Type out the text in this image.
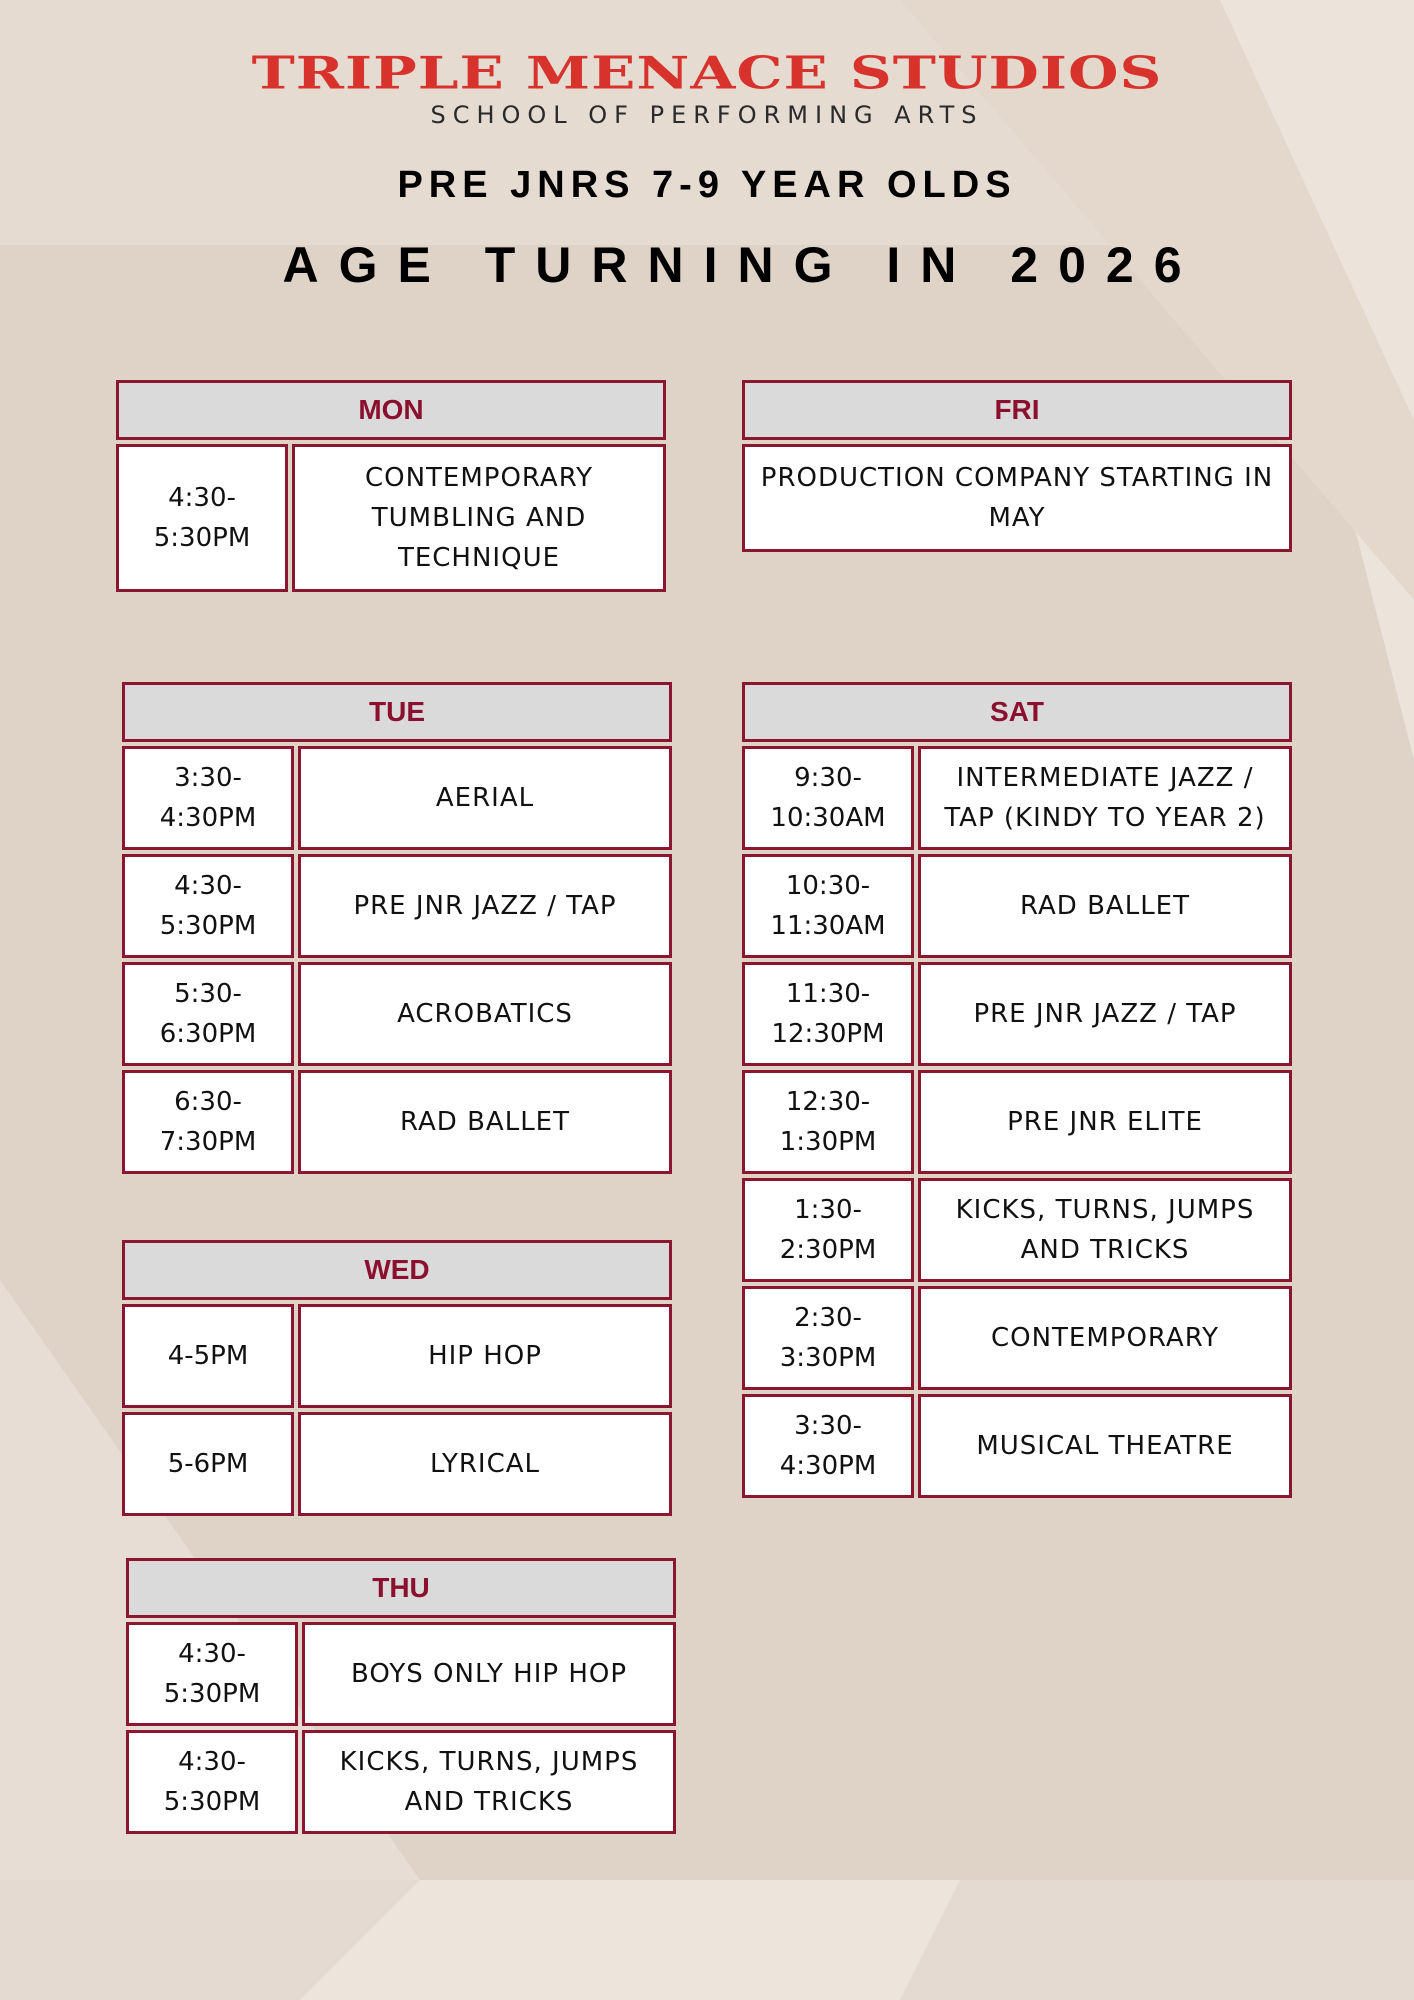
TRIPLE MENACE STUDIOS
SCHOOL OF PERFORMING ARTS
PRE JNRS 7-9 YEAR OLDS
AGE TURNING IN 2026
MON
4:30-5:30PM
CONTEMPORARY TUMBLING AND TECHNIQUE
FRI
PRODUCTION COMPANY STARTING IN MAY
TUE
3:30-4:30PM
AERIAL
4:30-5:30PM
PRE JNR JAZZ / TAP
5:30-6:30PM
ACROBATICS
6:30-7:30PM
RAD BALLET
SAT
9:30-10:30AM
INTERMEDIATE JAZZ / TAP (KINDY TO YEAR 2)
10:30-11:30AM
RAD BALLET
11:30-12:30PM
PRE JNR JAZZ / TAP
12:30-1:30PM
PRE JNR ELITE
1:30-2:30PM
KICKS, TURNS, JUMPS AND TRICKS
2:30-3:30PM
CONTEMPORARY
3:30-4:30PM
MUSICAL THEATRE
WED
4-5PM	HIP HOP
5-6PM	LYRICAL
THU
4:30-5:30PM
BOYS ONLY HIP HOP
4:30-5:30PM
KICKS, TURNS, JUMPS AND TRICKS
